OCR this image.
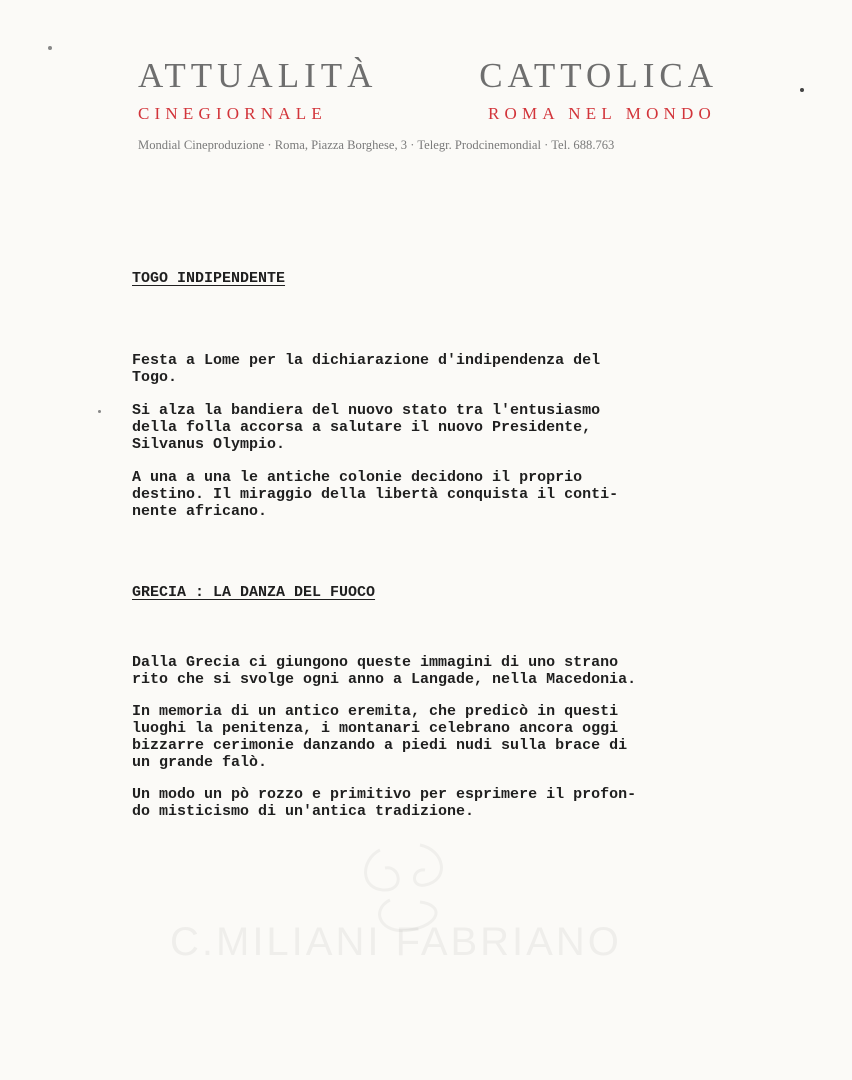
C.MILIANI FABRIANO
ATTUALITÀ	CATTOLICA
CINEGIORNALE	ROMA NEL MONDO
Mondial Cineproduzione · Roma, Piazza Borghese, 3 · Telegr. Prodcinemondial · Tel. 688.763
TOGO INDIPENDENTE

Festa a Lome per la dichiarazione d'indipendenza del
Togo.

Si alza la bandiera del nuovo stato tra l'entusiasmo
della folla accorsa a salutare il nuovo Presidente,
Silvanus Olympio.

A una a una le antiche colonie decidono il proprio
destino. Il miraggio della libertà conquista il conti-
nente africano.

GRECIA : LA DANZA DEL FUOCO

Dalla Grecia ci giungono queste immagini di uno strano
rito che si svolge ogni anno a Langade, nella Macedonia.

In memoria di un antico eremita, che predicò in questi
luoghi la penitenza, i montanari celebrano ancora oggi
bizzarre cerimonie danzando a piedi nudi sulla brace di
un grande falò.

Un modo un pò rozzo e primitivo per esprimere il profon-
do misticismo di un'antica tradizione.
